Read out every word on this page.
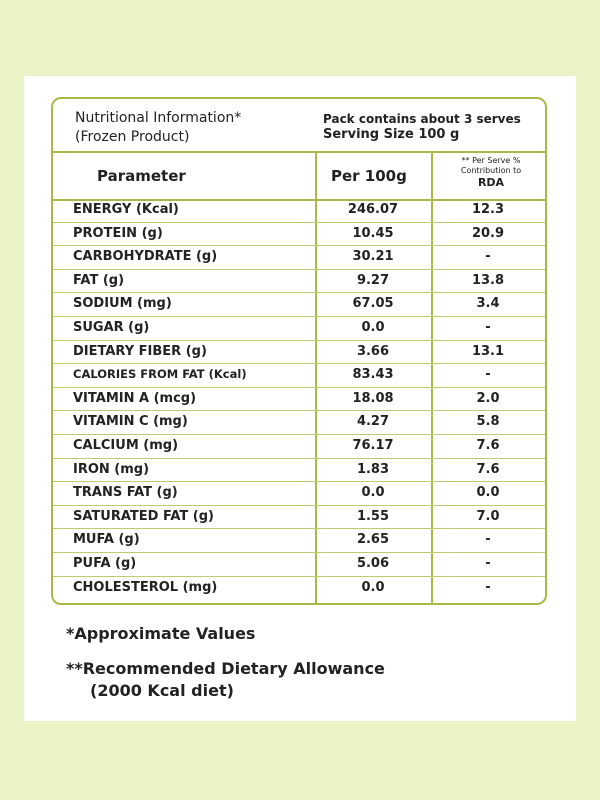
Nutritional Information*
(Frozen Product)
Pack contains about 3 serves
Serving Size 100 g
Parameter	Per 100g
** Per Serve %
Contribution to
RDA
ENERGY (Kcal)	246.07	12.3
PROTEIN (g)	10.45	20.9
CARBOHYDRATE (g)	30.21	-
FAT (g)	9.27	13.8
SODIUM (mg)	67.05	3.4
SUGAR (g)	0.0	-
DIETARY FIBER (g)	3.66	13.1
CALORIES FROM FAT (Kcal)	83.43	-
VITAMIN A (mcg)	18.08	2.0
VITAMIN C (mg)	4.27	5.8
CALCIUM (mg)	76.17	7.6
IRON (mg)	1.83	7.6
TRANS FAT (g)	0.0	0.0
SATURATED FAT (g)	1.55	7.0
MUFA (g)	2.65	-
PUFA (g)	5.06	-
CHOLESTEROL (mg)	0.0	-
*Approximate Values
**Recommended Dietary Allowance
(2000 Kcal diet)
